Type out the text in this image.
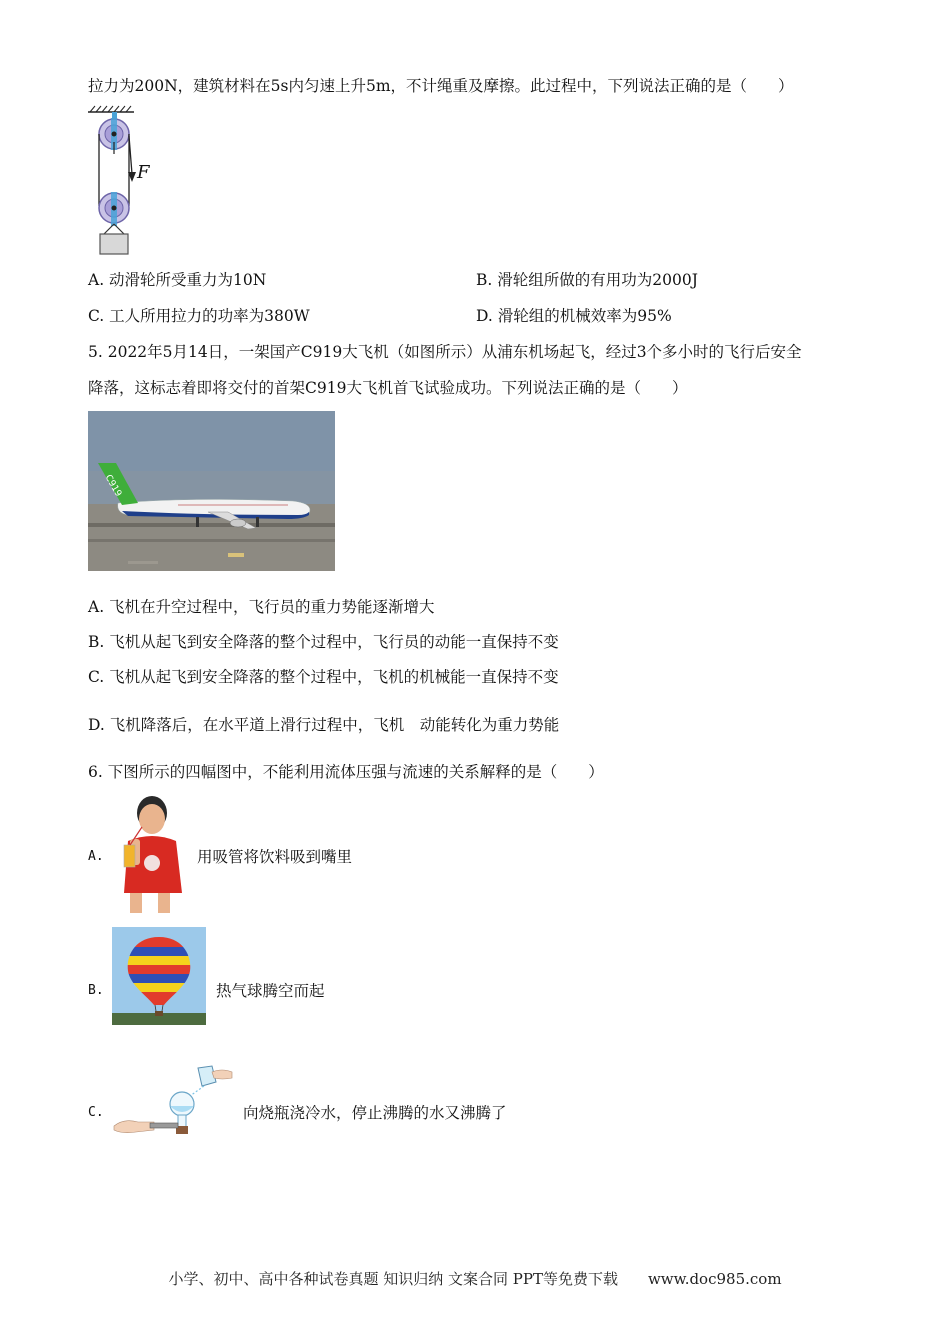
拉力为200N，建筑材料在5s内匀速上升5m，不计绳重及摩擦。此过程中，下列说法正确的是（　　）
F
A. 动滑轮所受重力为10N	B. 滑轮组所做的有用功为2000J
C. 工人所用拉力的功率为380W	D. 滑轮组的机械效率为95%
5. 2022年5月14日，一架国产C919大飞机（如图所示）从浦东机场起飞，经过3个多小时的飞行后安全
降落，这标志着即将交付的首架C919大飞机首飞试验成功。下列说法正确的是（　　）
C919
A. 飞机在升空过程中，飞行员的重力势能逐渐增大
B. 飞机从起飞到安全降落的整个过程中，飞行员的动能一直保持不变
C. 飞机从起飞到安全降落的整个过程中，飞机的机械能一直保持不变
D. 飞机降落后，在水平道上滑行过程中，飞机　动能转化为重力势能
6. 下图所示的四幅图中，不能利用流体压强与流速的关系解释的是（　　）
A.	用吸管将饮料吸到嘴里
B.	热气球腾空而起
C.	向烧瓶浇冷水，停止沸腾的水又沸腾了
小学、初中、高中各种试卷真题 知识归纳 文案合同 PPT等免费下载　　www.doc985.com
